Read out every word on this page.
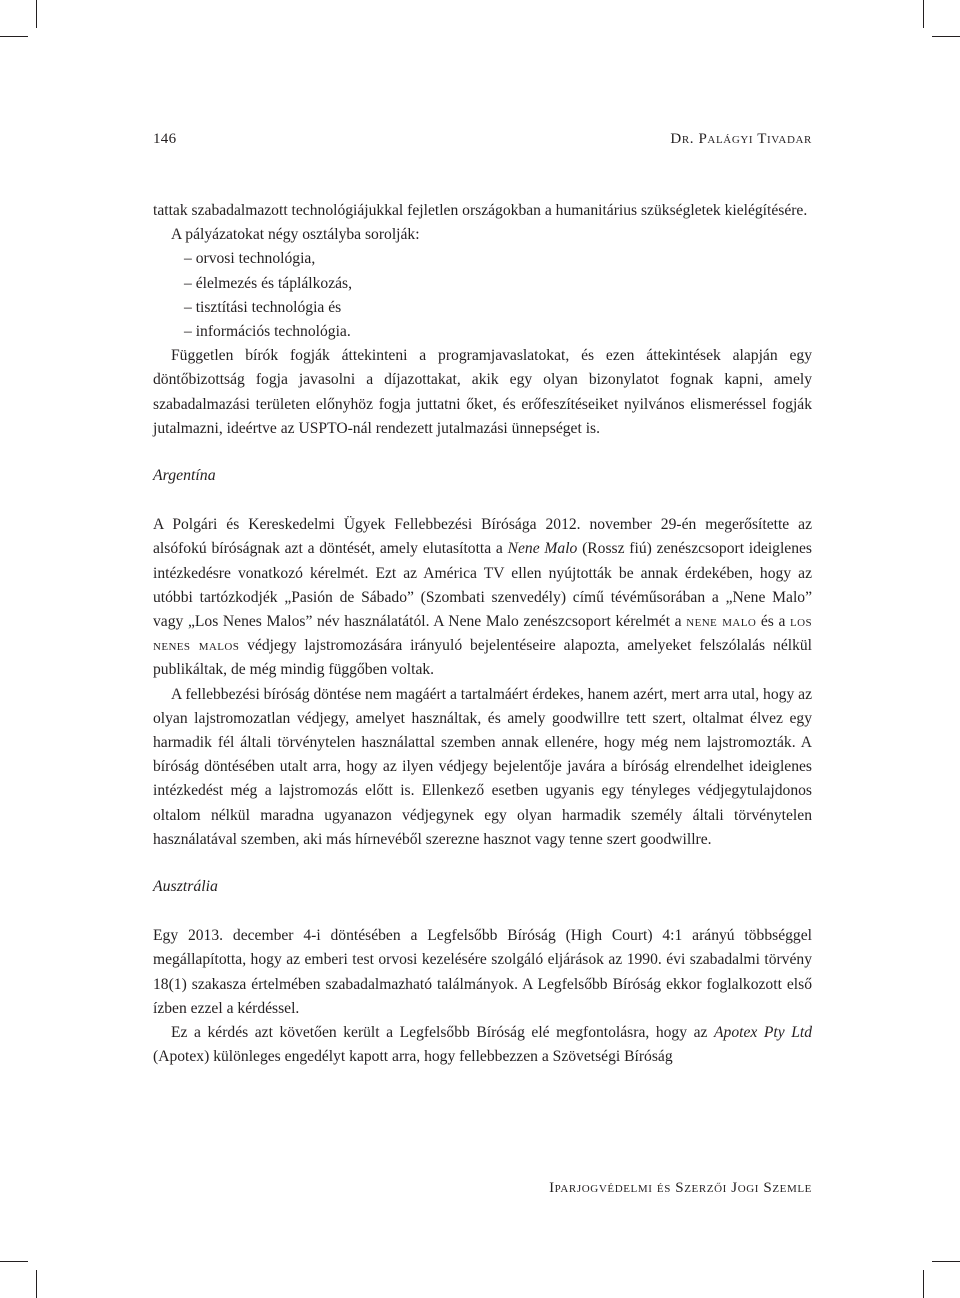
146	Dr. Palágyi Tivadar

tattak szabadalmazott technológiájukkal fejletlen országokban a humanitárius szükségletek kielégítésére.

A pályázatokat négy osztályba sorolják:

– orvosi technológia,
– élelmezés és táplálkozás,
– tisztítási technológia és
– információs technológia.

Független bírók fogják áttekinteni a programjavaslatokat, és ezen áttekintések alapján egy döntőbizottság fogja javasolni a díjazottakat, akik egy olyan bizonylatot fognak kapni, amely szabadalmazási területen előnyhöz fogja juttatni őket, és erőfeszítéseiket nyilvános elismeréssel fogják jutalmazni, ideértve az USPTO-nál rendezett jutalmazási ünnepséget is.

Argentína

A Polgári és Kereskedelmi Ügyek Fellebbezési Bírósága 2012. november 29-én megerősítette az alsófokú bíróságnak azt a döntését, amely elutasította a Nene Malo (Rossz fiú) zenészcsoport ideiglenes intézkedésre vonatkozó kérelmét. Ezt az América TV ellen nyújtották be annak érdekében, hogy az utóbbi tartózkodjék „Pasión de Sábado” (Szombati szenvedély) című tévéműsorában a „Nene Malo” vagy „Los Nenes Malos” név használatától. A Nene Malo zenészcsoport kérelmét a nene malo és a los nenes malos védjegy lajstromozására irányuló bejelentéseire alapozta, amelyeket felszólalás nélkül publikáltak, de még mindig függőben voltak.

A fellebbezési bíróság döntése nem magáért a tartalmáért érdekes, hanem azért, mert arra utal, hogy az olyan lajstromozatlan védjegy, amelyet használtak, és amely goodwillre tett szert, oltalmat élvez egy harmadik fél általi törvénytelen használattal szemben annak ellenére, hogy még nem lajstromozták. A bíróság döntésében utalt arra, hogy az ilyen védjegy bejelentője javára a bíróság elrendelhet ideiglenes intézkedést még a lajstromozás előtt is. Ellenkező esetben ugyanis egy tényleges védjegytulajdonos oltalom nélkül maradna ugyanazon védjegynek egy olyan harmadik személy általi törvénytelen használatával szemben, aki más hírnevéből szerezne hasznot vagy tenne szert goodwillre.

Ausztrália

Egy 2013. december 4-i döntésében a Legfelsőbb Bíróság (High Court) 4:1 arányú többséggel megállapította, hogy az emberi test orvosi kezelésére szolgáló eljárások az 1990. évi szabadalmi törvény 18(1) szakasza értelmében szabadalmazható találmányok. A Legfelsőbb Bíróság ekkor foglalkozott első ízben ezzel a kérdéssel.

Ez a kérdés azt követően került a Legfelsőbb Bíróság elé megfontolásra, hogy az Apotex Pty Ltd (Apotex) különleges engedélyt kapott arra, hogy fellebbezzen a Szövetségi Bíróság

Iparjogvédelmi és Szerzői Jogi Szemle
